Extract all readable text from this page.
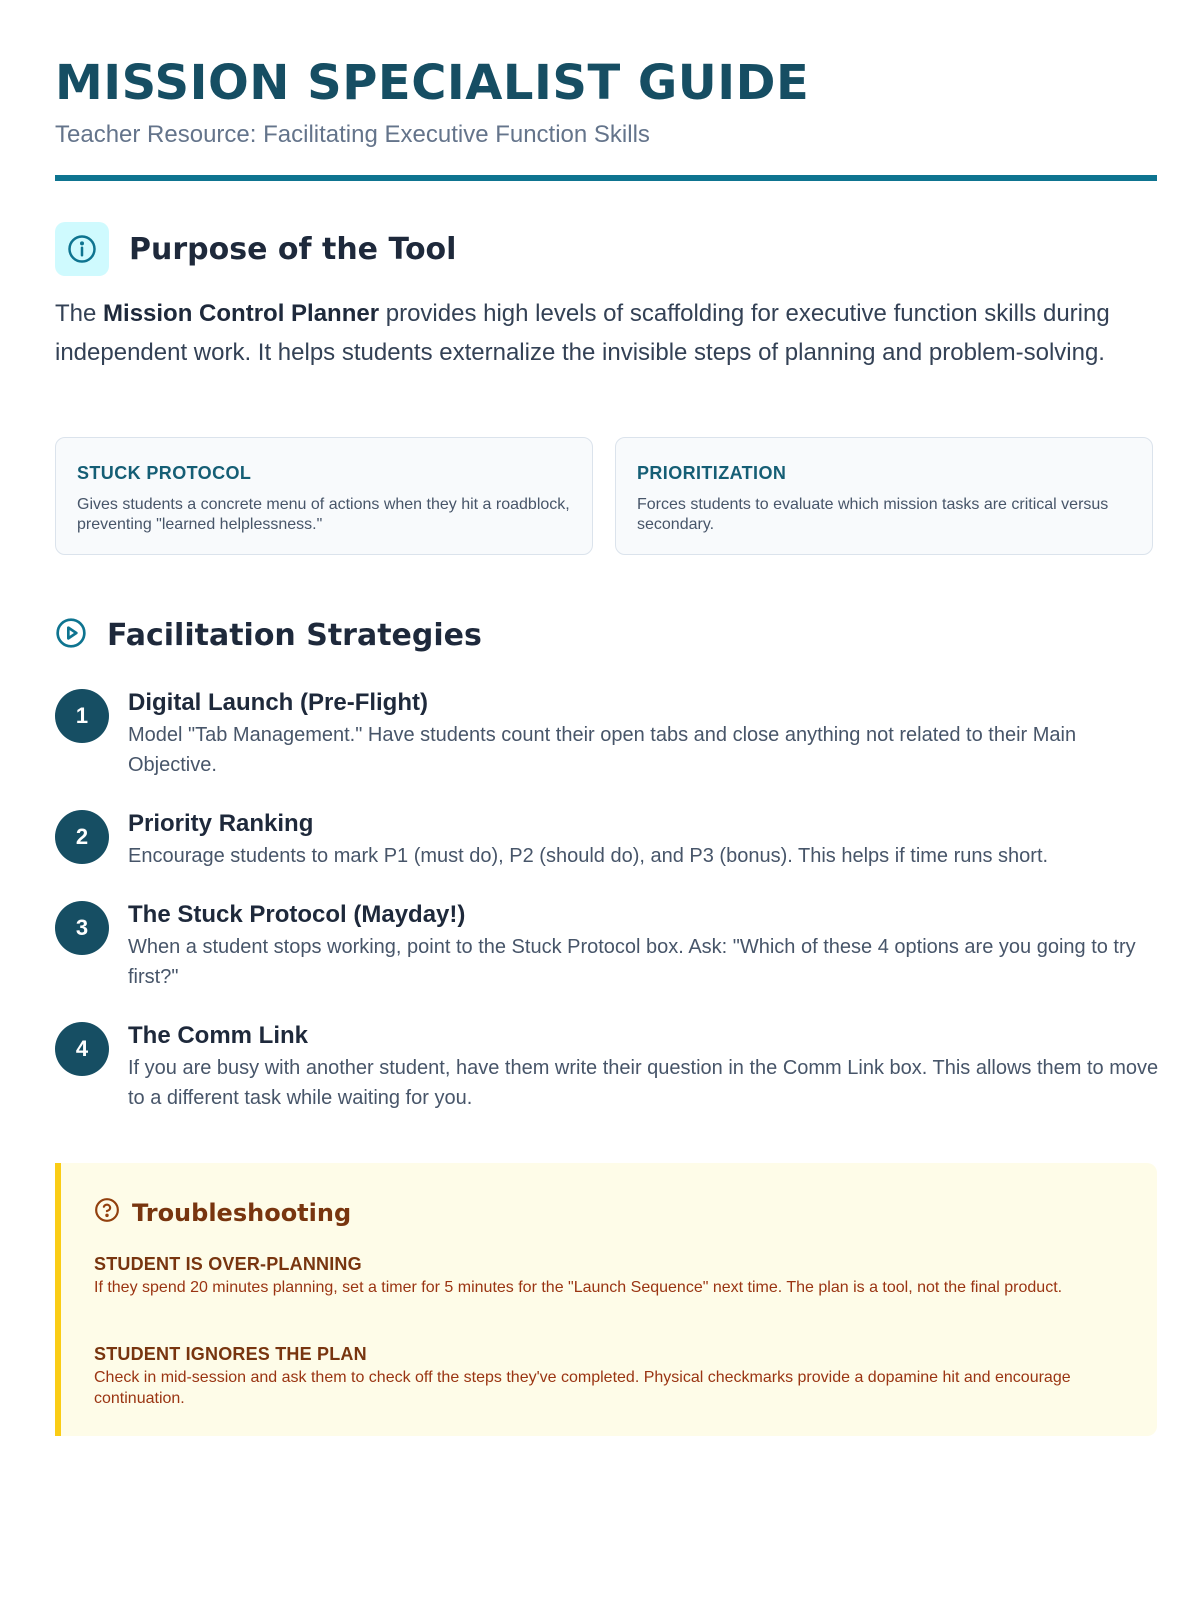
MISSION SPECIALIST GUIDE
Teacher Resource: Facilitating Executive Function Skills
Purpose of the Tool

The Mission Control Planner provides high levels of scaffolding for executive function skills during independent work. It helps students externalize the invisible steps of planning and problem-solving.

STUCK PROTOCOL

Gives students a concrete menu of actions when they hit a roadblock, preventing "learned helplessness."

PRIORITIZATION

Forces students to evaluate which mission tasks are critical versus secondary.

Facilitation Strategies
1	Digital Launch (Pre-Flight)

Model "Tab Management." Have students count their open tabs and close anything not related to their Main Objective.

2	Priority Ranking

Encourage students to mark P1 (must do), P2 (should do), and P3 (bonus). This helps if time runs short.

3	The Stuck Protocol (Mayday!)

When a student stops working, point to the Stuck Protocol box. Ask: "Which of these 4 options are you going to try first?"

4	The Comm Link

If you are busy with another student, have them write their question in the Comm Link box. This allows them to move to a different task while waiting for you.

Troubleshooting
STUDENT IS OVER-PLANNING

If they spend 20 minutes planning, set a timer for 5 minutes for the "Launch Sequence" next time. The plan is a tool, not the final product.

STUDENT IGNORES THE PLAN

Check in mid-session and ask them to check off the steps they've completed. Physical checkmarks provide a dopamine hit and encourage continuation.
